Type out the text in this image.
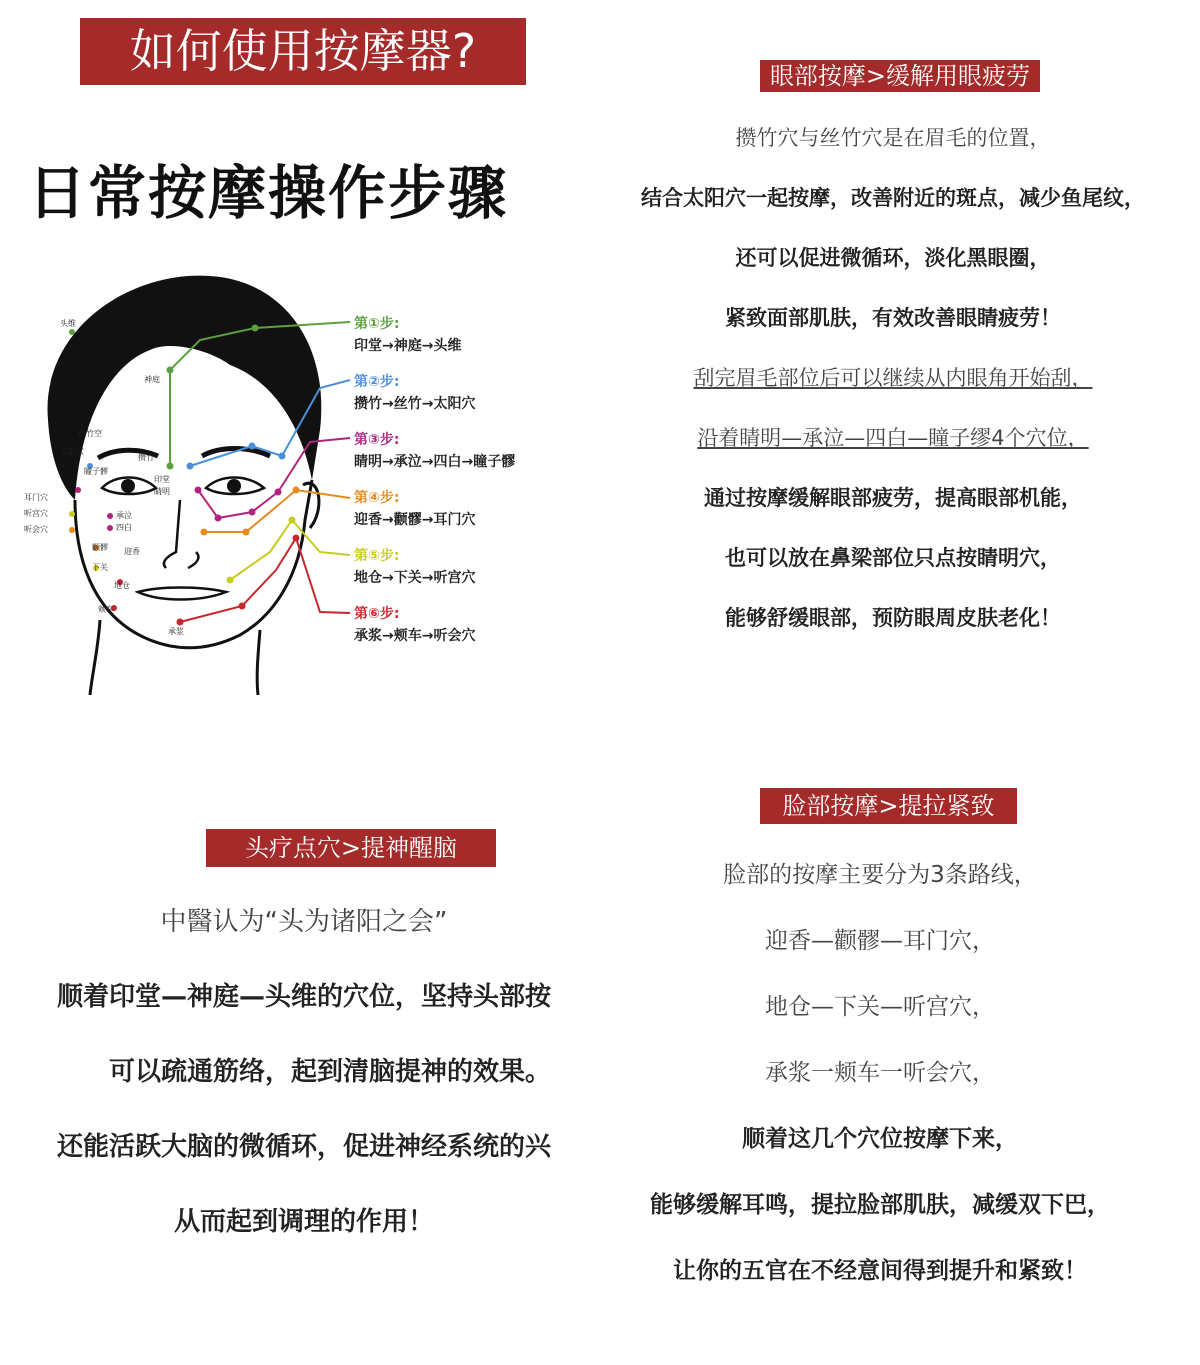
如何使用按摩器?
日常按摩操作步骤
头维
神庭
丝竹空
太阳穴
攒竹
印堂
瞳子髎
睛明
耳门穴
听宫穴
听会穴
承泣
四白
颧髎 迎香
下关
地仓
颊车
承浆
第①步:
印堂→神庭→头维
第②步:
攒竹→丝竹→太阳穴
第③步:
睛明→承泣→四白→瞳子髎
第④步:
迎香→颧髎→耳门穴
第⑤步:
地仓→下关→听宫穴
第⑥步:
承浆→颊车→听会穴
眼部按摩>缓解用眼疲劳
攒竹穴与丝竹穴是在眉毛的位置，
结合太阳穴一起按摩，改善附近的斑点，减少鱼尾纹，
还可以促进微循环，淡化黑眼圈，
紧致面部肌肤，有效改善眼睛疲劳！
刮完眉毛部位后可以继续从内眼角开始刮，
沿着睛明—承泣—四白—瞳子缪4个穴位，
通过按摩缓解眼部疲劳，提高眼部机能，
也可以放在鼻梁部位只点按睛明穴，
能够舒缓眼部，预防眼周皮肤老化！
头疗点穴>提神醒脑
中醫认为“头为诸阳之会”
顺着印堂—神庭—头维的穴位，坚持头部按
　　可以疏通筋络，起到清脑提神的效果。
还能活跃大脑的微循环，促进神经系统的兴
从而起到调理的作用！
脸部按摩>提拉紧致
脸部的按摩主要分为3条路线，
迎香—颧髎—耳门穴，
地仓—下关—听宫穴，
承浆一颊车一听会穴，
顺着这几个穴位按摩下来，
能够缓解耳鸣，提拉脸部肌肤，减缓双下巴，
让你的五官在不经意间得到提升和紧致！
